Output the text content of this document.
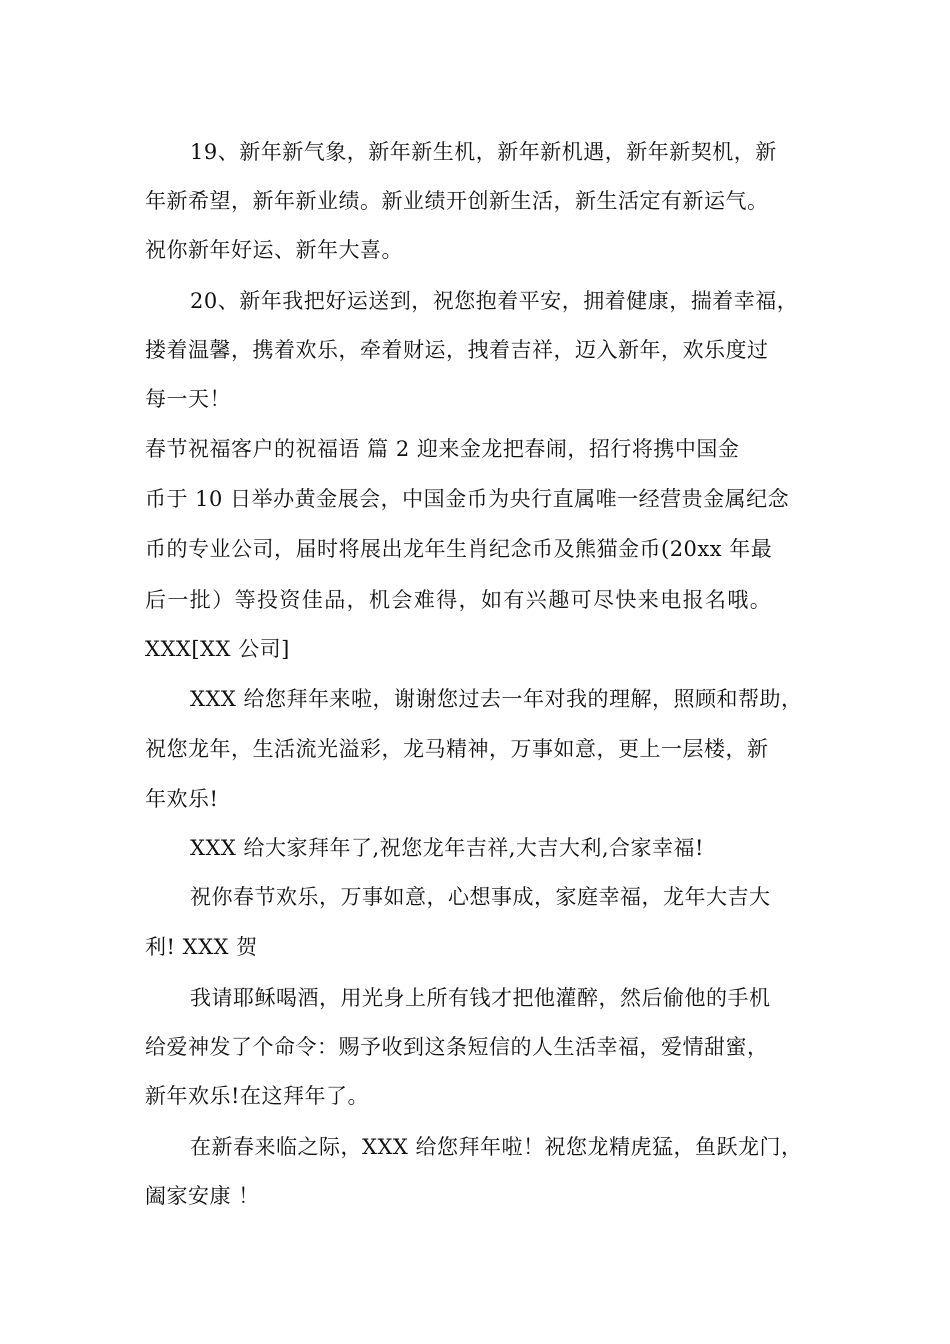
19、新年新气象，新年新生机，新年新机遇，新年新契机，新
年新希望，新年新业绩。新业绩开创新生活，新生活定有新运气。
祝你新年好运、新年大喜。
20、新年我把好运送到，祝您抱着平安，拥着健康，揣着幸福，
搂着温馨，携着欢乐，牵着财运，拽着吉祥，迈入新年，欢乐度过
每一天！
春节祝福客户的祝福语 篇 2 迎来金龙把春闹，招行将携中国金
币于 10 日举办黄金展会，中国金币为央行直属唯一经营贵金属纪念
币的专业公司，届时将展出龙年生肖纪念币及熊猫金币(20xx 年最
后一批）等投资佳品，机会难得，如有兴趣可尽快来电报名哦。
XXX[XX 公司]
XXX 给您拜年来啦，谢谢您过去一年对我的理解，照顾和帮助，
祝您龙年，生活流光溢彩，龙马精神，万事如意，更上一层楼，新
年欢乐!
XXX 给大家拜年了,祝您龙年吉祥,大吉大利,合家幸福!
祝你春节欢乐，万事如意，心想事成，家庭幸福，龙年大吉大
利! XXX 贺
我请耶稣喝酒，用光身上所有钱才把他灌醉，然后偷他的手机
给爱神发了个命令：赐予收到这条短信的人生活幸福，爱情甜蜜，
新年欢乐!在这拜年了。
在新春来临之际，XXX 给您拜年啦！祝您龙精虎猛，鱼跃龙门，
阖家安康 ！
